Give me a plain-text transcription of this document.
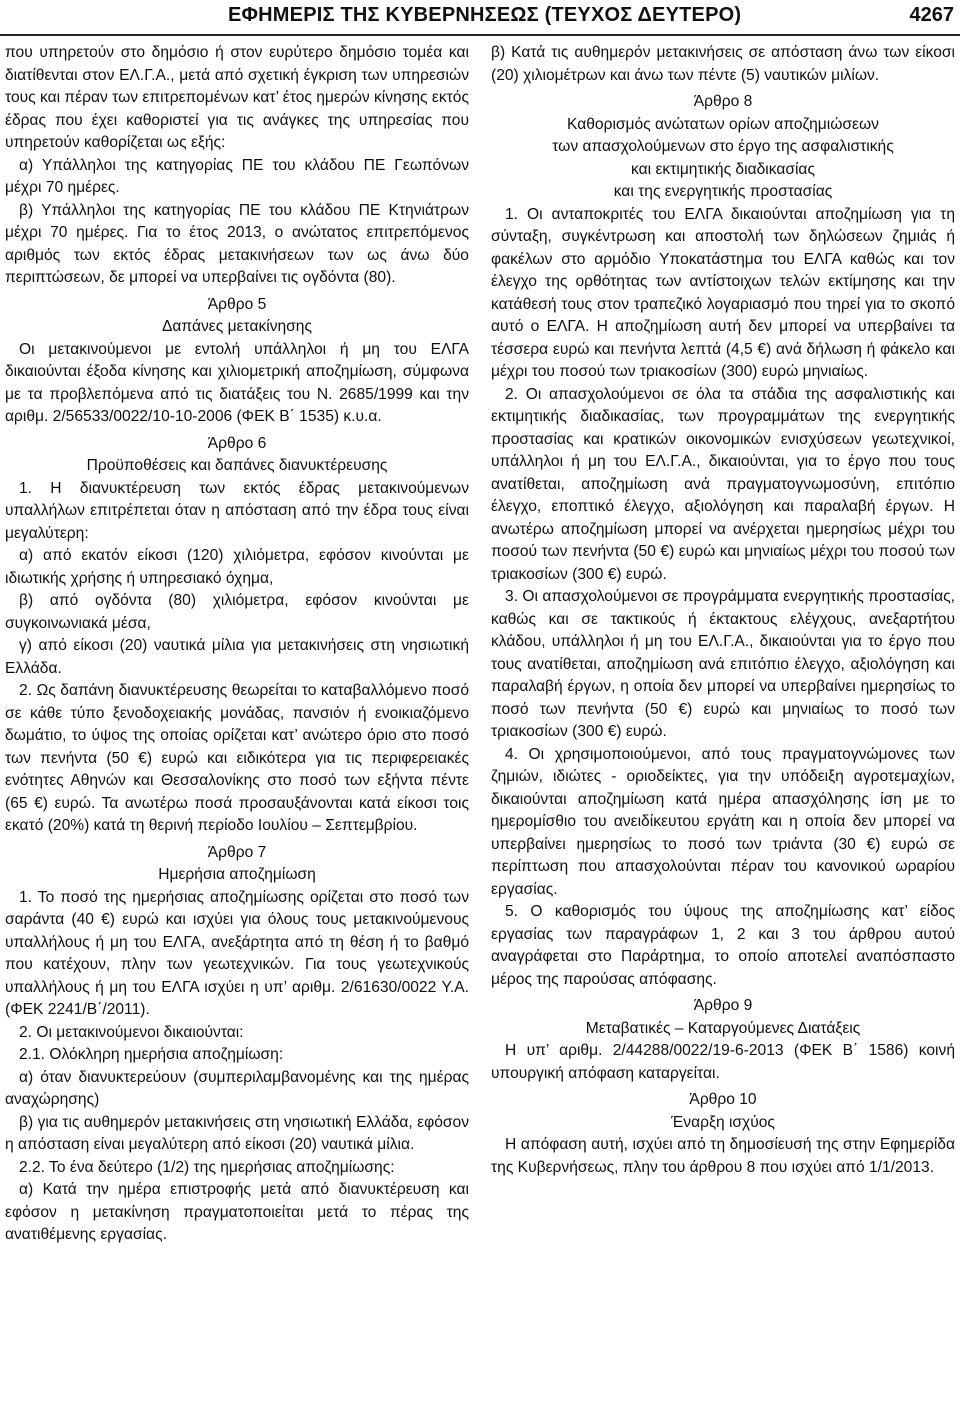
ΕΦΗΜΕΡΙΣ ΤΗΣ ΚΥΒΕΡΝΗΣΕΩΣ (ΤΕΥΧΟΣ ΔΕΥΤΕΡΟ)	4267

που υπηρετούν στο δημόσιο ή στον ευρύτερο δημόσιο τομέα και διατίθενται στον ΕΛ.Γ.Α., μετά από σχετική έγκριση των υπηρεσιών τους και πέραν των επιτρεπομένων κατ’ έτος ημερών κίνησης εκτός έδρας που έχει καθοριστεί για τις ανάγκες της υπηρεσίας που υπηρετούν καθορίζεται ως εξής:

α) Υπάλληλοι της κατηγορίας ΠΕ του κλάδου ΠΕ Γεωπόνων μέχρι 70 ημέρες.

β) Υπάλληλοι της κατηγορίας ΠΕ του κλάδου ΠΕ Κτηνιάτρων μέχρι 70 ημέρες. Για το έτος 2013, ο ανώτατος επιτρεπόμενος αριθμός των εκτός έδρας μετακινήσεων των ως άνω δύο περιπτώσεων, δε μπορεί να υπερβαίνει τις ογδόντα (80).

Άρθρο 5

Δαπάνες μετακίνησης

Οι μετακινούμενοι με εντολή υπάλληλοι ή μη του ΕΛΓΑ δικαιούνται έξοδα κίνησης και χιλιομετρική αποζημίωση, σύμφωνα με τα προβλεπόμενα από τις διατάξεις του Ν. 2685/1999 και την αριθμ. 2/56533/0022/10-10-2006 (ΦΕΚ Β΄ 1535) κ.υ.α.

Άρθρο 6

Προϋποθέσεις και δαπάνες διανυκτέρευσης

1. Η διανυκτέρευση των εκτός έδρας μετακινούμενων υπαλλήλων επιτρέπεται όταν η απόσταση από την έδρα τους είναι μεγαλύτερη:

α) από εκατόν είκοσι (120) χιλιόμετρα, εφόσον κινούνται με ιδιωτικής χρήσης ή υπηρεσιακό όχημα,

β) από ογδόντα (80) χιλιόμετρα, εφόσον κινούνται με συγκοινωνιακά μέσα,

γ) από είκοσι (20) ναυτικά μίλια για μετακινήσεις στη νησιωτική Ελλάδα.

2. Ως δαπάνη διανυκτέρευσης θεωρείται το καταβαλλόμενο ποσό σε κάθε τύπο ξενοδοχειακής μονάδας, πανσιόν ή ενοικιαζόμενο δωμάτιο, το ύψος της οποίας ορίζεται κατ’ ανώτερο όριο στο ποσό των πενήντα (50 €) ευρώ και ειδικότερα για τις περιφερειακές ενότητες Αθηνών και Θεσσαλονίκης στο ποσό των εξήντα πέντε (65 €) ευρώ. Τα ανωτέρω ποσά προσαυξάνονται κατά είκοσι τοις εκατό (20%) κατά τη θερινή περίοδο Ιουλίου – Σεπτεμβρίου.

Άρθρο 7

Ημερήσια αποζημίωση

1. Το ποσό της ημερήσιας αποζημίωσης ορίζεται στο ποσό των σαράντα (40 €) ευρώ και ισχύει για όλους τους μετακινούμενους υπαλλήλους ή μη του ΕΛΓΑ, ανεξάρτητα από τη θέση ή το βαθμό που κατέχουν, πλην των γεωτεχνικών. Για τους γεωτεχνικούς υπαλλήλους ή μη του ΕΛΓΑ ισχύει η υπ’ αριθμ. 2/61630/0022 Υ.Α. (ΦΕΚ 2241/Β΄/2011).

2. Οι μετακινούμενοι δικαιούνται:

2.1. Ολόκληρη ημερήσια αποζημίωση:

α) όταν διανυκτερεύουν (συμπεριλαμβανομένης και της ημέρας αναχώρησης)

β) για τις αυθημερόν μετακινήσεις στη νησιωτική Ελλάδα, εφόσον η απόσταση είναι μεγαλύτερη από είκοσι (20) ναυτικά μίλια.

2.2. Το ένα δεύτερο (1/2) της ημερήσιας αποζημίωσης:

α) Κατά την ημέρα επιστροφής μετά από διανυκτέρευση και εφόσον η μετακίνηση πραγματοποιείται μετά το πέρας της ανατιθέμενης εργασίας.

β) Κατά τις αυθημερόν μετακινήσεις σε απόσταση άνω των είκοσι (20) χιλιομέτρων και άνω των πέντε (5) ναυτικών μιλίων.

Άρθρο 8

Καθορισμός ανώτατων ορίων αποζημιώσεων

των απασχολούμενων στο έργο της ασφαλιστικής

και εκτιμητικής διαδικασίας

και της ενεργητικής προστασίας

1. Οι ανταποκριτές του ΕΛΓΑ δικαιούνται αποζημίωση για τη σύνταξη, συγκέντρωση και αποστολή των δηλώσεων ζημιάς ή φακέλων στο αρμόδιο Υποκατάστημα του ΕΛΓΑ καθώς και τον έλεγχο της ορθότητας των αντίστοιχων τελών εκτίμησης και την κατάθεσή τους στον τραπεζικό λογαριασμό που τηρεί για το σκοπό αυτό ο ΕΛΓΑ. Η αποζημίωση αυτή δεν μπορεί να υπερβαίνει τα τέσσερα ευρώ και πενήντα λεπτά (4,5 €) ανά δήλωση ή φάκελο και μέχρι του ποσού των τριακοσίων (300) ευρώ μηνιαίως.

2. Οι απασχολούμενοι σε όλα τα στάδια της ασφαλιστικής και εκτιμητικής διαδικασίας, των προγραμμάτων της ενεργητικής προστασίας και κρατικών οικονομικών ενισχύσεων γεωτεχνικοί, υπάλληλοι ή μη του ΕΛ.Γ.Α., δικαιούνται, για το έργο που τους ανατίθεται, αποζημίωση ανά πραγματογνωμοσύνη, επιτόπιο έλεγχο, εποπτικό έλεγχο, αξιολόγηση και παραλαβή έργων. Η ανωτέρω αποζημίωση μπορεί να ανέρχεται ημερησίως μέχρι του ποσού των πενήντα (50 €) ευρώ και μηνιαίως μέχρι του ποσού των τριακοσίων (300 €) ευρώ.

3. Οι απασχολούμενοι σε προγράμματα ενεργητικής προστασίας, καθώς και σε τακτικούς ή έκτακτους ελέγχους, ανεξαρτήτου κλάδου, υπάλληλοι ή μη του ΕΛ.Γ.Α., δικαιούνται για το έργο που τους ανατίθεται, αποζημίωση ανά επιτόπιο έλεγχο, αξιολόγηση και παραλαβή έργων, η οποία δεν μπορεί να υπερβαίνει ημερησίως το ποσό των πενήντα (50 €) ευρώ και μηνιαίως το ποσό των τριακοσίων (300 €) ευρώ.

4. Οι χρησιμοποιούμενοι, από τους πραγματογνώμονες των ζημιών, ιδιώτες - οριοδείκτες, για την υπόδειξη αγροτεμαχίων, δικαιούνται αποζημίωση κατά ημέρα απασχόλησης ίση με το ημερομίσθιο του ανειδίκευτου εργάτη και η οποία δεν μπορεί να υπερβαίνει ημερησίως το ποσό των τριάντα (30 €) ευρώ σε περίπτωση που απασχολούνται πέραν του κανονικού ωραρίου εργασίας.

5. Ο καθορισμός του ύψους της αποζημίωσης κατ’ είδος εργασίας των παραγράφων 1, 2 και 3 του άρθρου αυτού αναγράφεται στο Παράρτημα, το οποίο αποτελεί αναπόσπαστο μέρος της παρούσας απόφασης.

Άρθρο 9

Μεταβατικές – Καταργούμενες Διατάξεις

Η υπ’ αριθμ. 2/44288/0022/19-6-2013 (ΦΕΚ Β΄ 1586) κοινή υπουργική απόφαση καταργείται.

Άρθρο 10

Έναρξη ισχύος

Η απόφαση αυτή, ισχύει από τη δημοσίευσή της στην Εφημερίδα της Κυβερνήσεως, πλην του άρθρου 8 που ισχύει από 1/1/2013.
